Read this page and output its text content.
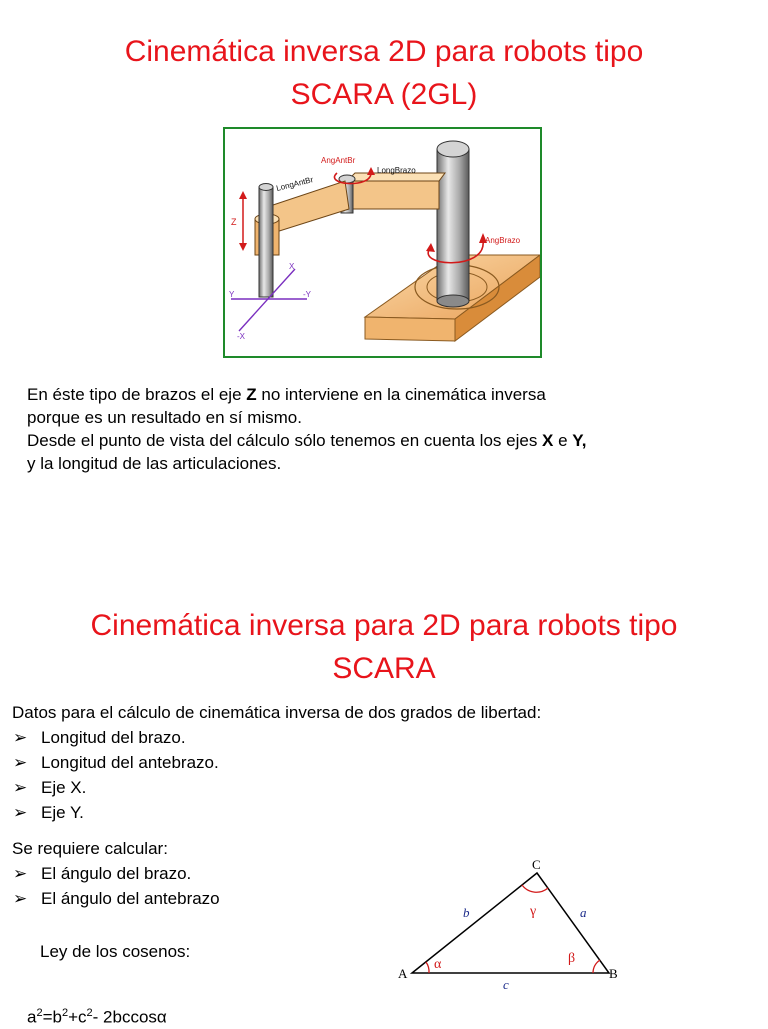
Cinemática inversa 2D para robots tipo
SCARA (2GL)
AngAntBr
LongBrazo
LongAntBr
AngBrazo
Z
X
Y	-Y
-X

En éste tipo de brazos el eje Z no interviene en la cinemática inversa

porque es un resultado en sí mismo.

Desde el punto de vista del cálculo sólo tenemos en cuenta los ejes X e Y,

y la longitud de las articulaciones.

Cinemática inversa para 2D para robots tipo
SCARA

Datos para el cálculo de cinemática inversa de dos grados de libertad:

➢ Longitud del brazo.
➢ Longitud del antebrazo.
➢ Eje X.
➢ Eje Y.

Se requiere calcular:

➢ El ángulo del brazo.
➢ El ángulo del antebrazo
Ley de los cosenos:
$a^2=b^2+c^2-$ 2bccosα
A	B
C
b	a
c
α	β
γ
